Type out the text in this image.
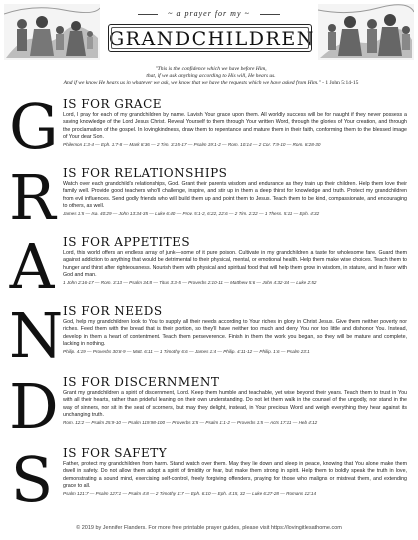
~ a prayer for my ~
GRANDCHILDREN
"This is the confidence which we have before Him,
that, if we ask anything according to His will, He hears us.
And if we know He hears us in whatever we ask, we know that we have the requests which we have asked from Him." - 1 John 5:14-15
G IS FOR GRACE

Lord, I pray for each of my grandchildren by name. Lavish Your grace upon them. All worldly success will be for naught if they never possess a saving knowledge of the Lord Jesus Christ. Reveal Yourself to them through Your written Word, through the glories of Your creation, and through the proclamation of the gospel. In lovingkindness, draw them to repentance and mature them in their faith, conforming them to the blessed image of Your dear Son.

Philemon 1:3-4 — Eph. 1:7-8 — Mark 8:36 — 2 Tim. 3:15-17 — Psalm 19:1-2 — Rom. 10:14 — 2 Cor. 7:9-10 — Rom. 8:28-30
R IS FOR RELATIONSHIPS

Watch over each grandchild's relationships, God. Grant their parents wisdom and endurance as they train up their children. Help them love their family well. Provide good teachers who'll challenge, inspire, and stir up in them a deep thirst for knowledge and truth. Protect my grandchildren from evil influences. Send godly friends who will build them up and point them to Jesus. Teach them to be kind, compassionate, and encouraging to others, as well.

James 1:5 — Isa. 40:29 — John 13:34-35 — Luke 6:40 — Prov. 5:1-2, 6:22, 22:6 — 2 Tim. 2:22 — 1 Thess. 5:11 — Eph. 4:32
A IS FOR APPETITES

Lord, this world offers an endless array of junk—some of it pure poison. Cultivate in my grandchildren a taste for wholesome fare. Guard them against addiction to anything that would be detrimental to their physical, mental, or emotional health. Help them make wise choices. Teach them to hunger and thirst after righteousness. Nourish them with physical and spiritual food that will help them grow in wisdom, in stature, and in favor with God and man.

1 John 2:16-17 — Rom. 3:13 — Psalm 34:8 — Titus 3:3-5 — Proverbs 2:10-11 — Matthew 5:6 — John 4:32-34 — Luke 2:52
N IS FOR NEEDS

God, help my grandchildren look to You to supply all their needs according to Your riches in glory in Christ Jesus. Give them neither poverty nor riches. Feed them with the bread that is their portion, so they'll have neither too much and deny You nor too little and dishonor You. Instead, develop in them a heart of contentment. Teach them perseverence. Finish in them the work you began, so they will be mature and complete, lacking in nothing.

Philip. 4:19 — Proverbs 30:8-9 — Matt. 6:11 — 1 Timothy 6:6 — James 1:4 — Philip. 4:11-12 — Philip. 1:6 — Psalm 23:1
D IS FOR DISCERNMENT

Grant my grandchildren a spirit of discernment, Lord. Keep them humble and teachable, yet wise beyond their years. Teach them to trust in You with all their hearts, rather than prideful leaning on their own understanding. Do not let them walk in the counsel of the ungodly, nor stand in the way of sinners, nor sit in the seat of scorners, but may they delight, instead, in Your precious Word and weigh everything they hear against its unchanging truth.

Rom. 12:2 — Psalm 25:9-10 — Psalm 119:98-100 — Proverbs 3:5 — Psalm 1:1-2 — Proverbs 1:5 — Acts 17:11 — Heb 4:12
S IS FOR SAFETY

Father, protect my grandchildren from harm. Stand watch over them. May they lie down and sleep in peace, knowing that You alone make them dwell in safety. Do not allow them adopt a spirit of timidity or fear, but make them strong in spirit. Help them to boldly speak the truth in love, demonstrating a sound mind, exercising self-control, freely forgiving offenders, praying for those who maligns or mistreat them, and extending grace to all.

Psalm 121:7 — Psalm 127:1 — Psalm 4:8 — 2 Timothy 1:7 — Eph. 6:10 — Eph. 4:15, 32 — Luke 6:27-28 — Romans 12:14
© 2019 by Jennifer Flanders. For more free printable prayer guides, please visit https://lovingitlesathome.com
